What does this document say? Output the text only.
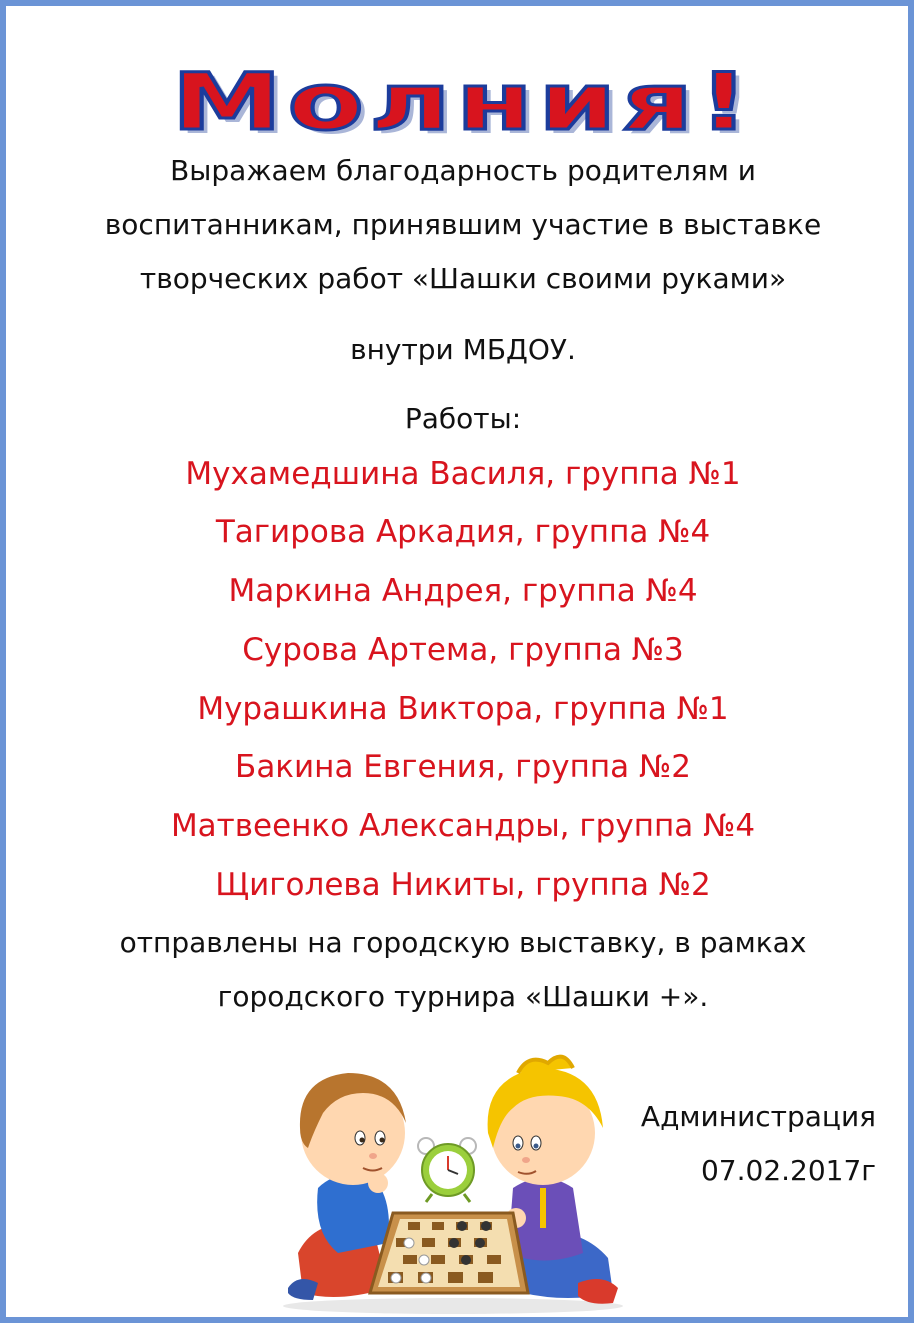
Молния!
Выражаем благодарность родителям и
воспитанникам, принявшим участие в выставке
творческих работ «Шашки своими руками»
внутри МБДОУ.
Работы:
Мухамедшина Василя, группа №1
Тагирова Аркадия, группа №4
Маркина Андрея, группа №4
Сурова Артема, группа №3
Мурашкина Виктора, группа №1
Бакина Евгения, группа №2
Матвеенко Александры, группа №4
Щиголева Никиты, группа №2
отправлены на городскую выставку, в рамках
городского турнира «Шашки +».
Администрация
07.02.2017г
